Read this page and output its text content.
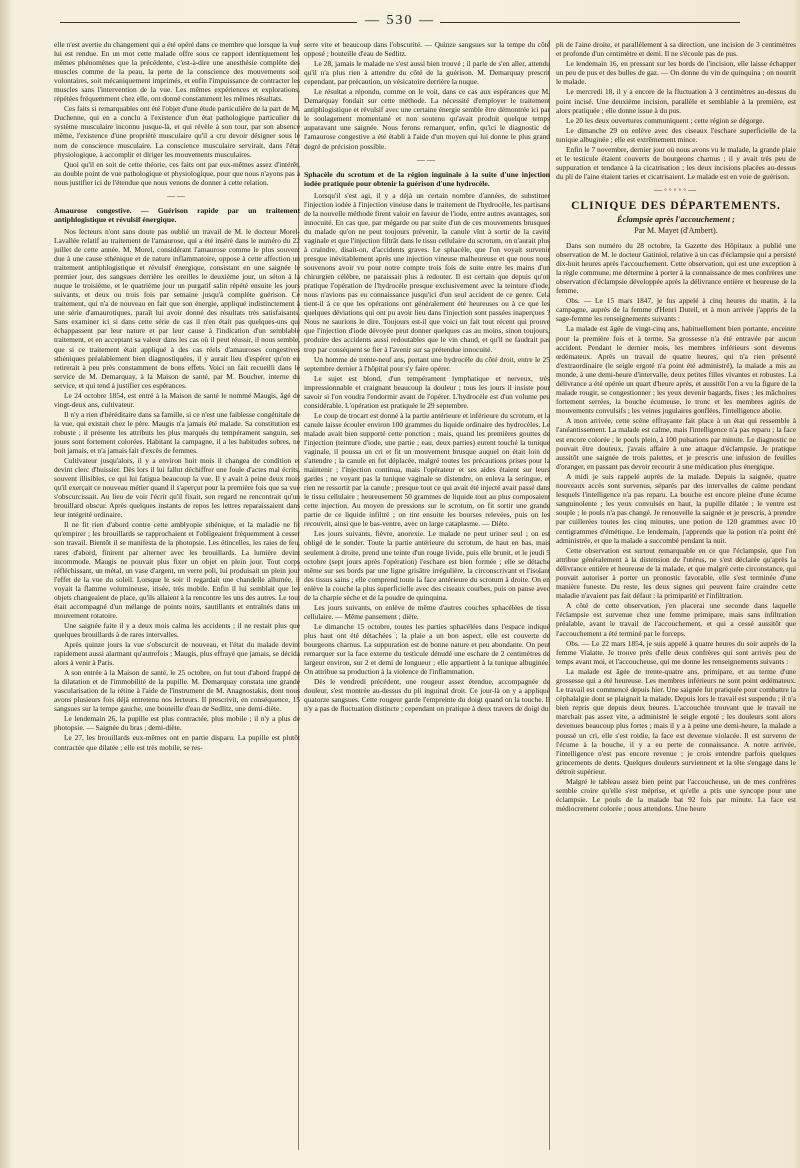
— 530 —

elle n'est avertie du changement qui a été opéré dans ce membre que lorsque la vue lui est rendue. En un mot cette malade offre sous ce rapport identiquement les mêmes phénomènes que la précédente, c'est-à-dire une anesthésie complète des muscles comme de la peau, la perte de la conscience des mouvements soit volontaires, soit mécaniquement imprimés, et enfin l'impuissance de contracter les muscles sans l'intervention de la vue. Les mêmes expériences et explorations, répétées fréquemment chez elle, ont donné constamment les mêmes résultats.

Ces faits si remarquables ont été l'objet d'une étude particulière de la part de M. Duchenne, qui en a conclu à l'existence d'un état pathologique particulier du système musculaire inconnu jusque-là, et qui révèle à son tour, par son absence même, l'existence d'une propriété musculaire qu'il a cru devoir désigner sous le nom de conscience musculaire. La conscience musculaire servirait, dans l'état physiologique, à accomplir et diriger les mouvements musculaires.

Quoi qu'il en soit de cette théorie, ces faits ont par eux-mêmes assez d'intérêt, au double point de vue pathologique et physiologique, pour que nous n'ayons pas à nous justifier ici de l'étendue que nous venons de donner à cette relation.

——

Amaurose congestive. — Guérison rapide par un traitement antiphlogistique et révulsif énergique.

Nos lecteurs n'ont sans doute pas oublié un travail de M. le docteur Morel-Lavallée relatif au traitement de l'amaurose, qui a été inséré dans le numéro du 22 juillet de cette année. M. Morel, considérant l'amaurose comme le plus souvent due à une cause sthénique et de nature inflammatoire, oppose à cette affection un traitement antiphlogistique et révulsif énergique, consistant en une saignée le premier jour, des sangsues derrière les oreilles le deuxième jour, un séton à la nuque le troisième, et le quatrième jour un purgatif salin répété ensuite les jours suivants, et deux ou trois fois par semaine jusqu'à complète guérison. Ce traitement, qui n'a de nouveau en fait que son énergie, appliqué indistinctement à une série d'amaurotiques, paraît lui avoir donné des résultats très satisfaisants. Sans examiner ici si dans cette série de cas il n'en était pas quelques-uns qui échappassent par leur nature et par leur cause à l'indication d'un semblable traitement, et en acceptant sa valeur dans les cas où il peut réussir, il nous semble, que si ce traitement était appliqué à des cas réels d'amauroses congestives sthéniques préalablement bien diagnostiquées, il y aurait lieu d'espérer qu'on en retirerait à peu près constamment de bons effets. Voici un fait recueilli dans le service de M. Demarquay, à la Maison de santé, par M. Boucher, interne du service, et qui tend à justifier ces espérances.

Le 24 octobre 1854, est entré à la Maison de santé le nommé Maugis, âgé de vingt-deux ans, cultivateur.

Il n'y a rien d'héréditaire dans sa famille, si ce n'est une faiblesse congénitale de la vue, qui existait chez le père. Maugis n'a jamais été malade. Sa constitution est robuste ; il présente les attributs les plus marqués du tempérament sanguin, ses joues sont fortement colorées. Habitant la campagne, il a les habitudes sobres, ne boit jamais, et n'a jamais fait d'excès de femmes.

Cultivateur jusqu'alors, il y a environ huit mois il changea de condition et devint clerc d'huissier. Dès lors il lui fallut déchiffrer une foule d'actes mal écrits, souvent illisibles, ce qui lui fatigua beaucoup la vue. Il y avait à peine deux mois qu'il exerçait ce nouveau métier quand il s'aperçut pour la première fois que sa vue s'obscurcissait. Au lieu de voir l'écrit qu'il fixait, son regard ne rencontrait qu'un brouillard obscur. Après quelques instants de repos les lettres reparaissaient dans leur intégrité ordinaire.

Il ne fit rien d'abord contre cette amblyopie sthénique, et la maladie ne fit qu'empirer ; les brouillards se rapprochaient et l'obligeaient fréquemment à cesser son travail. Bientôt il se manifesta de la photopsie. Les étincelles, les raies de feu, rares d'abord, finirent par alterner avec les brouillards. La lumière devint incommode. Maugis ne pouvait plus fixer un objet en plein jour. Tout corps réfléchissant, un métal, un vase d'argent, un verre poli, lui produisait un plein jour l'effet de la vue du soleil. Lorsque le soir il regardait une chandelle allumée, il voyait la flamme volumineuse, irisée, très mobile. Enfin il lui semblait que les objets changeaient de place, qu'ils allaient à la rencontre les uns des autres. Le tout était accompagné d'un mélange de points noirs, sautillants et entraînés dans un mouvement rotatoire.

Une saignée faite il y a deux mois calma les accidents ; il ne restait plus que quelques brouillards à de rares intervalles.

Après quinze jours la vue s'obscurcit de nouveau, et l'état du malade devint rapidement aussi alarmant qu'autrefois ; Maugis, plus effrayé que jamais, se décida alors à venir à Paris.

A son entrée à la Maison de santé, le 25 octobre, on fut tout d'abord frappé de la dilatation et de l'immobilité de la pupille. M. Demarquay constata une grande vascularisation de la rétine à l'aide de l'instrument de M. Anagnostakis, dont nous avons plusieurs fois déjà entretenu nos lecteurs. Il prescrivit, en conséquence, 15 sangsues sur la tempe gauche, une bouteille d'eau de Sedlitz, une demi-diète.

Le lendemain 26, la pupille est plus contractée, plus mobile ; il n'y a plus de photopsie. — Saignée du bras ; demi-diète.

Le 27, les brouillards eux-mêmes ont en partie disparu. La pupille est plutôt contractée que dilatée ; elle est très mobile, se res-

serre vite et beaucoup dans l'obscurité. — Quinze sangsues sur la tempe du côté opposé ; bouteille d'eau de Sedlitz.

Le 28, jamais le malade ne s'est aussi bien trouvé ; il parle de s'en aller, attendu qu'il n'a plus rien à attendre du côté de la guérison. M. Demarquay prescrit cependant, par précaution, un vésicatoire derrière la nuque.

Le résultat a répondu, comme on le voit, dans ce cas aux espérances que M. Demarquay fondait sur cette méthode. La nécessité d'employer le traitement antiphlogistique et révulsif avec une certaine énergie semble être démontrée ici par le soulagement momentané et non soutenu qu'avait produit quelque temps auparavant une saignée. Nous ferons remarquer, enfin, qu'ici le diagnostic de l'amaurose congestive a été établi à l'aide d'un moyen qui lui donne le plus grand degré de précision possible.

——

Sphacèle du scrotum et de la région inguinale à la suite d'une injection iodée pratiquée pour obtenir la guérison d'une hydrocèle.

Lorsqu'il s'est agi, il y a déjà un certain nombre d'années, de substituer l'injection iodée à l'injection vineuse dans le traitement de l'hydrocèle, les partisans de la nouvelle méthode firent valoir en faveur de l'iode, entre autres avantages, son innocuité. En cas que, par mégarde ou par suite d'un de ces mouvements brusques du malade qu'on ne peut toujours prévenir, la canule vînt à sortir de la cavité vaginale et que l'injection filtrât dans le tissu cellulaire du scrotum, on n'aurait plus à craindre, disait-on, d'accidents graves. Le sphacèle, que l'on voyait survenir presque inévitablement après une injection vineuse malheureuse et que nous nous souvenons avoir vu pour notre compte trois fois de suite entre les mains d'un chirurgien célèbre, ne paraissait plus à redouter. Il est certain que depuis qu'on pratique l'opération de l'hydrocèle presque exclusivement avec la teinture d'iode, nous n'avions pas eu connaissance jusqu'ici d'un seul accident de ce genre. Cela tient-il à ce que les opérations ont généralement été heureuses ou à ce que les quelques déviations qui ont pu avoir lieu dans l'injection sont passées inaperçues ? Nous ne saurions le dire. Toujours est-il que voici un fait tout récent qui prouve que l'injection d'iode dévoyée peut donner quelques cas au moins, sinon toujours, produire des accidents aussi redoutables que le vin chaud, et qu'il ne faudrait pas trop par conséquent se fier à l'avenir sur sa prétendue innocuité.

Un homme de trente-neuf ans, portant une hydrocèle du côté droit, entre le 25 septembre dernier à l'hôpital pour s'y faire opérer.

Le sujet est blond, d'un tempérament lymphatique et nerveux, très impressionnable et craignant beaucoup la douleur ; tous les jours il insiste pour savoir si l'on voudra l'endormir avant de l'opérer. L'hydrocèle est d'un volume peu considérable. L'opération est pratiquée le 29 septembre.

Le coup de trocart est donné à la partie antérieure et inférieure du scrotum, et la canule laisse écouler environ 100 grammes du liquide ordinaire des hydrocèles. Le malade avait bien supporté cette ponction ; mais, quand les premières gouttes de l'injection (teinture d'iode, une partie ; eau, deux parties) eurent touché la tunique vaginale, il poussa un cri et fit un mouvement brusque auquel on était loin de s'attendre ; la canule en fut déplacée, malgré toutes les précautions prises pour la maintenir ; l'injection continua, mais l'opérateur et ses aides étaient sur leurs gardes ; ne voyant pas la tunique vaginale se distendre, on enleva la seringue, et rien ne ressortit par la canule ; presque tout ce qui avait été injecté avait passé dans le tissu cellulaire ; heureusement 50 grammes de liquide tout au plus composaient cette injection. Au moyen de pressions sur le scrotum, on fit sortir une grande partie de ce liquide infiltré ; on tint ensuite les bourses relevées, puis on les recouvrit, ainsi que le bas-ventre, avec un large cataplasme. — Diète.

Les jours suivants, fièvre, anorexie. Le malade ne peut uriner seul ; on est obligé de le sonder. Toute la partie antérieure du scrotum, de haut en bas, mais seulement à droite, prend une teinte d'un rouge livide, puis elle brunit, et le jeudi 5 octobre (sept jours après l'opération) l'eschare est bien formée ; elle se détache même sur ses bords par une ligne grisâtre irrégulière, la circonscrivant et l'isolant des tissus sains ; elle comprend toute la face antérieure du scrotum à droite. On en enlève la couche la plus superficielle avec des ciseaux courbes, puis on panse avec de la charpie sèche et de la poudre de quinquina.

Les jours suivants, on enlève de même d'autres couches sphacélées de tissu cellulaire. — Même pansement ; diète.

Le dimanche 15 octobre, toutes les parties sphacélées dans l'espace indiqué plus haut ont été détachées ; la plaie a un bon aspect, elle est couverte de bourgeons charnus. La suppuration est de bonne nature et peu abondante. On peut remarquer sur la face externe du testicule dénudé une eschare de 2 centimètres de largeur environ, sur 2 et demi de longueur ; elle appartient à la tunique albuginée. On attribue sa production à la violence de l'inflammation.

Dès le vendredi précédent, une rougeur assez étendue, accompagnée de douleur, s'est montrée au-dessus du pli inguinal droit. Ce jour-là on y a appliqué quatorze sangsues. Cette rougeur garde l'empreinte du doigt quand on la touche. Il n'y a pas de fluctuation distincte ; cependant on pratique à deux travers de doigt du

pli de l'aine droite, et parallèlement à sa direction, une incision de 3 centimètres et profonde d'un centimètre et demi. Il ne s'écoule pas de pus.

Le lendemain 16, en pressant sur les bords de l'incision, elle laisse échapper un peu de pus et des bulles de gaz. — On donne du vin de quinquina ; on nourrit le malade.

Le mercredi 18, il y a encore de la fluctuation à 3 centimètres au-dessus du point incisé. Une deuxième incision, parallèle et semblable à la première, est alors pratiquée ; elle donne issue à du pus.

Le 20 les deux ouvertures communiquent ; cette région se dégorge.

Le dimanche 29 on enlève avec des ciseaux l'eschare superficielle de la tunique albuginée ; elle est extrêmement mince.

Enfin le 7 novembre, dernier jour où nous avons vu le malade, la grande plaie et le testicule étaient couverts de bourgeons charnus ; il y avait très peu de suppuration et tendance à la cicatrisation ; les deux incisions placées au-dessus du pli de l'aine étaient taries et cicatrisaient. Le malade est en voie de guérison.

—◦◦◦◦◦—
CLINIQUE DES DÉPARTEMENTS.
Éclampsie après l'accouchement ;
Par M. Mayet (d'Ambert).

Dans son numéro du 28 octobre, la Gazette des Hôpitaux a publié une observation de M. le docteur Gatiniol, relative à un cas d'éclampsie qui a persisté dix-huit heures après l'accouchement. Cette observation, qui est une exception à la règle commune, me détermine à porter à la connaissance de mes confrères une observation d'éclampsie développée après la délivrance entière et heureuse de la femme.

Obs. — Le 15 mars 1847, je fus appelé à cinq heures du matin, à la campagne, auprès de la femme d'Henri Duteil, et à mon arrivée j'appris de la sage-femme les renseignements suivants :

La malade est âgée de vingt-cinq ans, habituellement bien portante, enceinte pour la première fois et à terme. Sa grossesse n'a été entravée par aucun accident. Pendant le dernier mois, les membres inférieurs sont devenus œdémateux. Après un travail de quatre heures, qui n'a rien présenté d'extraordinaire (le seigle ergoté n'a point été administré), la malade a mis au monde, à une demi-heure d'intervalle, deux petites filles vivantes et robustes. La délivrance a été opérée un quart d'heure après, et aussitôt l'on a vu la figure de la malade rougir, se congestionner ; les yeux devenir hagards, fixes ; les mâchoires fortement serrées, la bouche écumeuse, le tronc et les membres agités de mouvements convulsifs ; les veines jugulaires gonflées, l'intelligence abolie.

A mon arrivée, cette scène effrayante fait place à un état qui ressemble à l'anéantissement. La malade est calme, mais l'intelligence n'a pas reparu ; la face est encore colorée ; le pouls plein, à 100 pulsations par minute. Le diagnostic ne pouvait être douteux, j'avais affaire à une attaque d'éclampsie. Je pratique aussitôt une saignée de trois palettes, et je prescris une infusion de feuilles d'oranger, en passant pas devoir recourir à une médication plus énergique.

A midi je suis rappelé auprès de la malade. Depuis la saignée, quatre nouveaux accès sont survenus, séparés par des intervalles de calme pendant lesquels l'intelligence n'a pas reparu. La bouche est encore pleine d'une écume sanguinolente ; les yeux convulsés en haut, la pupille dilatée ; le ventre est souple ; le pouls n'a pas changé. Je renouvelle la saignée et je prescris, à prendre par cuillerées toutes les cinq minutes, une potion de 120 grammes avec 10 centigrammes d'émétique. Le lendemain, j'apprends que la potion n'a point été administrée, et que la malade a succombé pendant la nuit.

Cette observation est surtout remarquable en ce que l'éclampsie, que l'on attribue généralement à la distension de l'utérus, ne s'est déclarée qu'après la délivrance entière et heureuse de la malade, et que malgré cette circonstance, qui pouvait autoriser à porter un pronostic favorable, elle s'est terminée d'une manière funeste. Du reste, les deux signes qui peuvent faire craindre cette maladie n'avaient pas fait défaut : la primiparité et l'infiltration.

A côté de cette observation, j'en placerai une seconde dans laquelle l'éclampsie est survenue chez une femme primipare, mais sans infiltration préalable, avant le travail de l'accouchement, et qui a cessé aussitôt que l'accouchement a été terminé par le forceps.

Obs. — Le 22 mars 1854, je suis appelé à quatre heures du soir auprès de la femme Vialatte. Je trouve près d'elle deux confrères qui sont arrivés peu de temps avant moi, et l'accoucheuse, qui me donne les renseignements suivants :

La malade est âgée de trente-quatre ans, primipare, et au terme d'une grossesse qui a été heureuse. Les membres inférieurs ne sont point œdémateux. Le travail est commencé depuis hier. Une saignée fut pratiquée pour combattre la céphalalgie dont se plaignait la malade. Depuis lors le travail est suspendu ; il n'a bien repris que depuis deux heures. L'accouchée trouvant que le travail ne marchait pas assez vite, a administré le seigle ergoté ; les douleurs sont alors devenues beaucoup plus fortes ; mais il y a à peine une demi-heure, la malade a poussé un cri, elle s'est roidie, la face est devenue violacée. Il est survenu de l'écume à la bouche, il y a eu perte de connaissance. A notre arrivée, l'intelligence n'est pas encore revenue ; je crois entendre parfois quelques grincements de dents. Quelques douleurs surviennent et la tête s'engage dans le détroit supérieur.

Malgré le tableau assez bien peint par l'accoucheuse, un de mes confrères semble croire qu'elle s'est méprise, et qu'elle a pris une syncope pour une éclampsie. Le pouls de la malade bat 92 fois par minute. La face est médiocrement colorée ; nous attendons. Une heure
